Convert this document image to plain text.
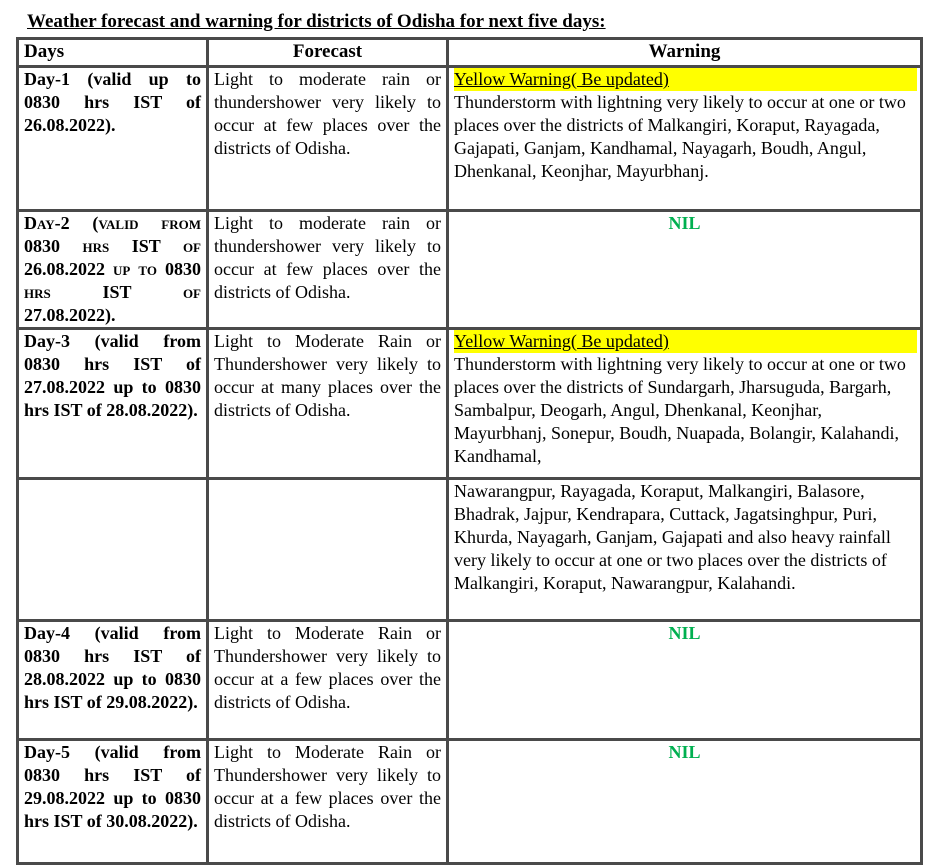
Weather forecast and warning for districts of Odisha for next five days:
Days	Forecast	Warning
Day-1 (valid up to 0830 hrs IST of 26.08.2022).	Light to moderate rain or thundershower very likely to occur at few places over the districts of Odisha.	Yellow Warning( Be updated)
Thunderstorm with lightning very likely to occur at one or two places over the districts of Malkangiri, Koraput, Rayagada, Gajapati, Ganjam, Kandhamal, Nayagarh, Boudh, Angul, Dhenkanal, Keonjhar, Mayurbhanj.
Day-2 (valid from 0830 hrs IST of 26.08.2022 up to 0830 hrs IST of 27.08.2022).	Light to moderate rain or thundershower very likely to occur at few places over the districts of Odisha.	NIL

Day-3 (valid from 0830 hrs IST of 27.08.2022 up to 0830 hrs IST of 28.08.2022).	Light to Moderate Rain or Thundershower very likely to occur at many places over the districts of Odisha.	Yellow Warning( Be updated)
Thunderstorm with lightning very likely to occur at one or two places over the districts of Sundargarh, Jharsuguda, Bargarh, Sambalpur, Deogarh, Angul, Dhenkanal, Keonjhar, Mayurbhanj, Sonepur, Boudh, Nuapada, Bolangir, Kalahandi, Kandhamal,
		Nawarangpur, Rayagada, Koraput, Malkangiri, Balasore, Bhadrak, Jajpur, Kendrapara, Cuttack, Jagatsinghpur, Puri, Khurda, Nayagarh, Ganjam, Gajapati and also heavy rainfall very likely to occur at one or two places over the districts of Malkangiri, Koraput, Nawarangpur, Kalahandi.
Day-4 (valid from 0830 hrs IST of 28.08.2022 up to 0830 hrs IST of 29.08.2022).	Light to Moderate Rain or Thundershower very likely to occur at a few places over the districts of Odisha.	NIL

Day-5 (valid from 0830 hrs IST of 29.08.2022 up to 0830 hrs IST of 30.08.2022).	Light to Moderate Rain or Thundershower very likely to occur at a few places over the districts of Odisha.	NIL
